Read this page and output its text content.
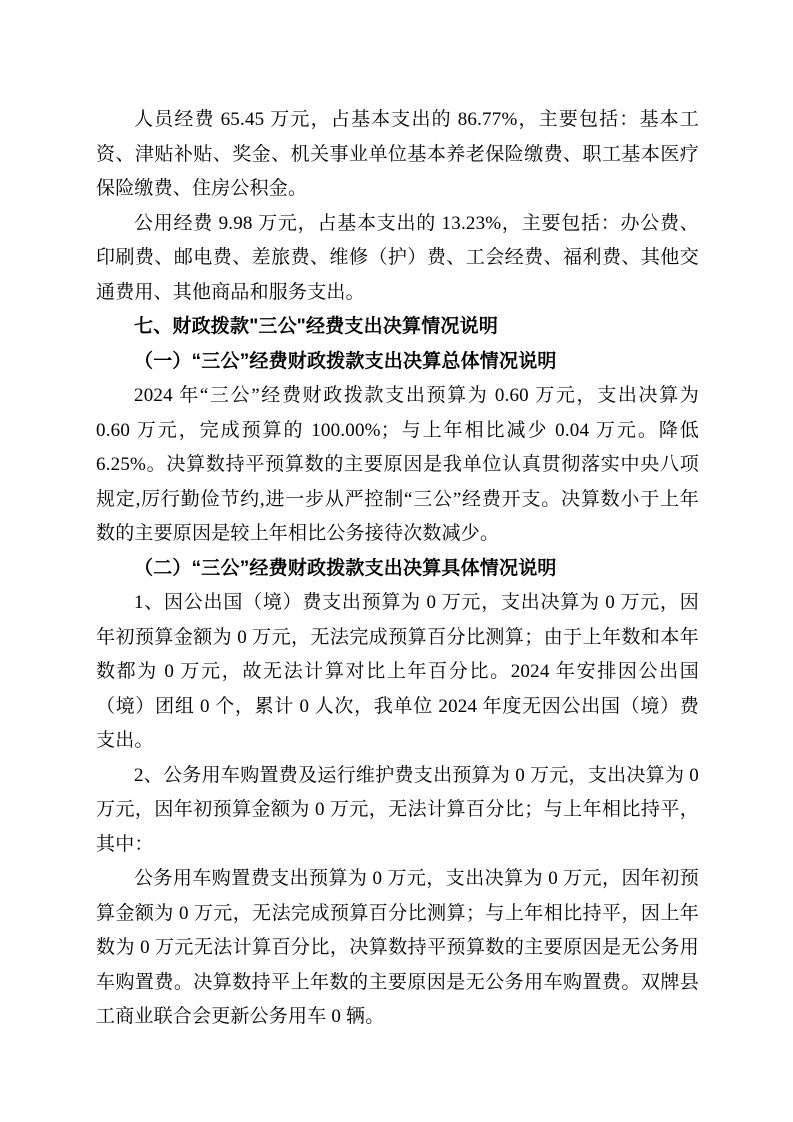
人员经费 65.45 万元，占基本支出的 86.77%，主要包括：基本工资、津贴补贴、奖金、机关事业单位基本养老保险缴费、职工基本医疗保险缴费、住房公积金。

公用经费 9.98 万元，占基本支出的 13.23%，主要包括：办公费、印刷费、邮电费、差旅费、维修（护）费、工会经费、福利费、其他交通费用、其他商品和服务支出。

七、财政拨款"三公"经费支出决算情况说明

（一）“三公”经费财政拨款支出决算总体情况说明

2024 年“三公”经费财政拨款支出预算为 0.60 万元，支出决算为 0.60 万元，完成预算的 100.00%；与上年相比减少 0.04 万元。降低 6.25%。决算数持平预算数的主要原因是我单位认真贯彻落实中央八项规定,厉行勤俭节约,进一步从严控制“三公”经费开支。决算数小于上年数的主要原因是较上年相比公务接待次数减少。

（二）“三公”经费财政拨款支出决算具体情况说明

1、因公出国（境）费支出预算为 0 万元，支出决算为 0 万元，因年初预算金额为 0 万元，无法完成预算百分比测算；由于上年数和本年数都为 0 万元，故无法计算对比上年百分比。2024 年安排因公出国（境）团组 0 个，累计 0 人次，我单位 2024 年度无因公出国（境）费支出。

2、公务用车购置费及运行维护费支出预算为 0 万元，支出决算为 0 万元，因年初预算金额为 0 万元，无法计算百分比；与上年相比持平，其中：

公务用车购置费支出预算为 0 万元，支出决算为 0 万元，因年初预算金额为 0 万元，无法完成预算百分比测算；与上年相比持平，因上年数为 0 万元无法计算百分比，决算数持平预算数的主要原因是无公务用车购置费。决算数持平上年数的主要原因是无公务用车购置费。双牌县工商业联合会更新公务用车 0 辆。
